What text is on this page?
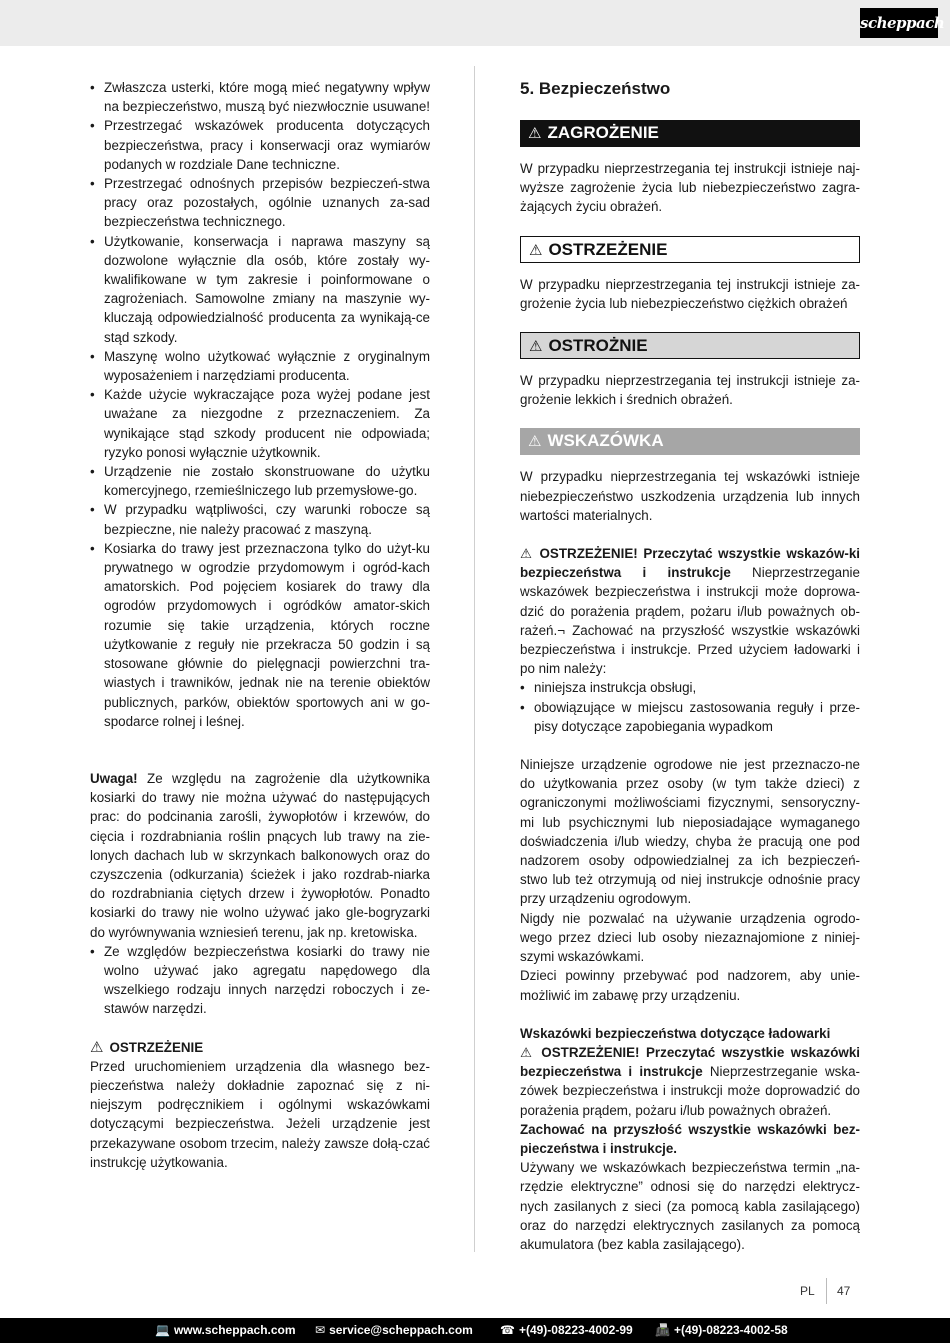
scheppach
• Zwłaszcza usterki, które mogą mieć negatywny wpływ na bezpieczeństwo, muszą być niezwłocznie usuwane!
• Przestrzegać wskazówek producenta dotyczących bezpieczeństwa, pracy i konserwacji oraz wymiarów podanych w rozdziale Dane techniczne.
• Przestrzegać odnośnych przepisów bezpieczeń-stwa pracy oraz pozostałych, ogólnie uznanych za-sad bezpieczeństwa technicznego.
• Użytkowanie, konserwacja i naprawa maszyny są dozwolone wyłącznie dla osób, które zostały wy-kwalifikowane w tym zakresie i poinformowane o zagrożeniach. Samowolne zmiany na maszynie wy-kluczają odpowiedzialność producenta za wynikają-ce stąd szkody.
• Maszynę wolno użytkować wyłącznie z oryginalnym wyposażeniem i narzędziami producenta.
• Każde użycie wykraczające poza wyżej podane jest uważane za niezgodne z przeznaczeniem. Za wynikające stąd szkody producent nie odpowiada; ryzyko ponosi wyłącznie użytkownik.
• Urządzenie nie zostało skonstruowane do użytku komercyjnego, rzemieślniczego lub przemysłowe-go.
• W przypadku wątpliwości, czy warunki robocze są bezpieczne, nie należy pracować z maszyną.
• Kosiarka do trawy jest przeznaczona tylko do użyt-ku prywatnego w ogrodzie przydomowym i ogród-kach amatorskich. Pod pojęciem kosiarek do trawy dla ogrodów przydomowych i ogródków amator-skich rozumie się takie urządzenia, których roczne użytkowanie z reguły nie przekracza 50 godzin i są stosowane głównie do pielęgnacji powierzchni tra-wiastych i trawników, jednak nie na terenie obiektów publicznych, parków, obiektów sportowych ani w go-spodarce rolnej i leśnej.

Uwaga! Ze względu na zagrożenie dla użytkownika kosiarki do trawy nie można używać do następujących prac: do podcinania zarośli, żywopłotów i krzewów, do cięcia i rozdrabniania roślin pnących lub trawy na zie-lonych dachach lub w skrzynkach balkonowych oraz do czyszczenia (odkurzania) ścieżek i jako rozdrab-niarka do rozdrabniania ciętych drzew i żywopłotów. Ponadto kosiarki do trawy nie wolno używać jako gle-bogryzarki do wyrównywania wzniesień terenu, jak np. kretowiska.

• Ze względów bezpieczeństwa kosiarki do trawy nie wolno używać jako agregatu napędowego dla wszelkiego rodzaju innych narzędzi roboczych i ze-stawów narzędzi.

⚠ OSTRZEŻENIE

Przed uruchomieniem urządzenia dla własnego bez-pieczeństwa należy dokładnie zapoznać się z ni-niejszym podręcznikiem i ogólnymi wskazówkami dotyczącymi bezpieczeństwa. Jeżeli urządzenie jest przekazywane osobom trzecim, należy zawsze dołą-czać instrukcję użytkowania.

5. Bezpieczeństwo
⚠ ZAGROŻENIE

W przypadku nieprzestrzegania tej instrukcji istnieje naj-wyższe zagrożenie życia lub niebezpieczeństwo zagra-żających życiu obrażeń.

⚠ OSTRZEŻENIE

W przypadku nieprzestrzegania tej instrukcji istnieje za-grożenie życia lub niebezpieczeństwo ciężkich obrażeń

⚠ OSTROŻNIE

W przypadku nieprzestrzegania tej instrukcji istnieje za-grożenie lekkich i średnich obrażeń.

⚠ WSKAZÓWKA

W przypadku nieprzestrzegania tej wskazówki istnieje niebezpieczeństwo uszkodzenia urządzenia lub innych wartości materialnych.

⚠ OSTRZEŻENIE! Przeczytać wszystkie wskazów-ki bezpieczeństwa i instrukcje Nieprzestrzeganie wskazówek bezpieczeństwa i instrukcji może doprowa-dzić do porażenia prądem, pożaru i/lub poważnych ob-rażeń.¬ Zachować na przyszłość wszystkie wskazówki bezpieczeństwa i instrukcje. Przed użyciem ładowarki i po nim należy:

• niniejsza instrukcja obsługi,
• obowiązujące w miejscu zastosowania reguły i prze-pisy dotyczące zapobiegania wypadkom

Niniejsze urządzenie ogrodowe nie jest przeznaczo-ne do użytkowania przez osoby (w tym także dzieci) z ograniczonymi możliwościami fizycznymi, sensoryczny-mi lub psychicznymi lub nieposiadające wymaganego doświadczenia i/lub wiedzy, chyba że pracują one pod nadzorem osoby odpowiedzialnej za ich bezpieczeń-stwo lub też otrzymują od niej instrukcje odnośnie pracy przy urządzeniu ogrodowym.

Nigdy nie pozwalać na używanie urządzenia ogrodo-wego przez dzieci lub osoby niezaznajomione z niniej-szymi wskazówkami.

Dzieci powinny przebywać pod nadzorem, aby unie-możliwić im zabawę przy urządzeniu.

Wskazówki bezpieczeństwa dotyczące ładowarki

⚠ OSTRZEŻENIE! Przeczytać wszystkie wskazówki bezpieczeństwa i instrukcje Nieprzestrzeganie wska-zówek bezpieczeństwa i instrukcji może doprowadzić do porażenia prądem, pożaru i/lub poważnych obrażeń.

Zachować na przyszłość wszystkie wskazówki bez-pieczeństwa i instrukcje.

Używany we wskazówkach bezpieczeństwa termin „na-rzędzie elektryczne” odnosi się do narzędzi elektrycz-nych zasilanych z sieci (za pomocą kabla zasilającego) oraz do narzędzi elektrycznych zasilanych za pomocą akumulatora (bez kabla zasilającego).

PL 47
💻 www.scheppach.com ✉ service@scheppach.com ☎ +(49)-08223-4002-99 📠 +(49)-08223-4002-58
